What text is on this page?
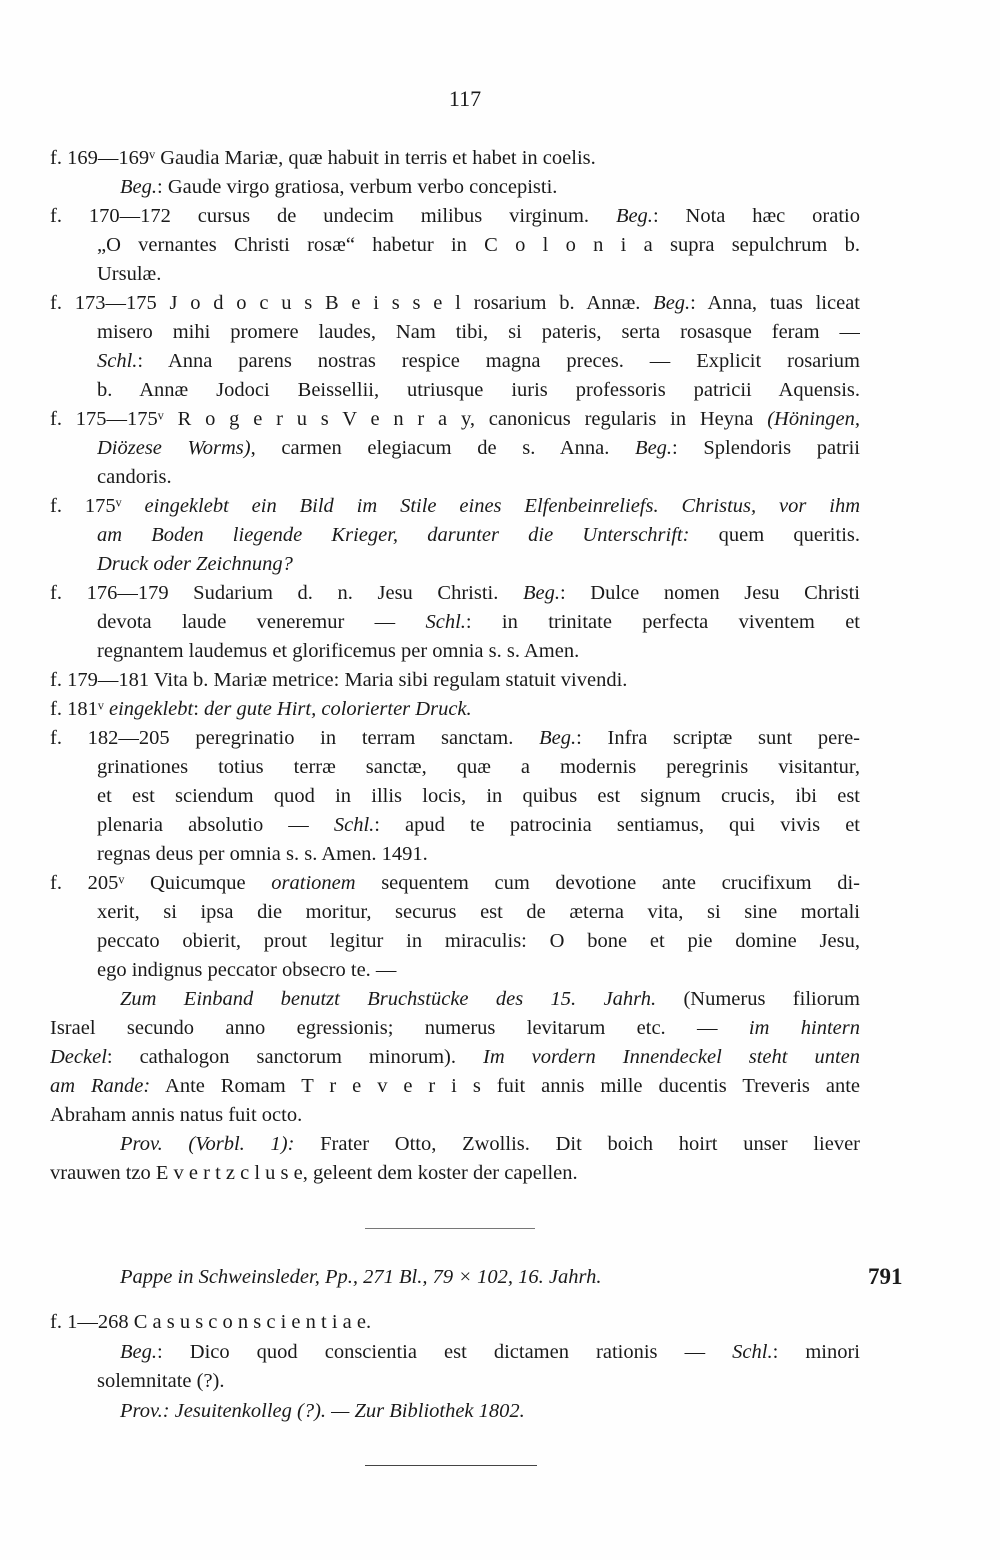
117
f. 169—169ᵛ Gaudia Mariæ, quæ habuit in terris et habet in coelis.
Beg.: Gaude virgo gratiosa, verbum verbo concepisti.
f. 170—172 cursus de undecim milibus virginum. Beg.: Nota hæc oratio
„O vernantes Christi rosæ“ habetur in C o l o n i a supra sepulchrum b.
Ursulæ.
f. 173—175 J o d o c u s B e i s s e l rosarium b. Annæ. Beg.: Anna, tuas liceat
misero mihi promere laudes, Nam tibi, si pateris, serta rosasque feram —
Schl.: Anna parens nostras respice magna preces. — Explicit rosarium
b. Annæ Jodoci Beissellii, utriusque iuris professoris patricii Aquensis.
f. 175—175ᵛ R o g e r u s V e n r a y, canonicus regularis in Heyna (Höningen,
Diözese Worms), carmen elegiacum de s. Anna. Beg.: Splendoris patrii
candoris.
f. 175ᵛ eingeklebt ein Bild im Stile eines Elfenbeinreliefs. Christus, vor ihm
am Boden liegende Krieger, darunter die Unterschrift: quem queritis.
Druck oder Zeichnung?
f. 176—179 Sudarium d. n. Jesu Christi. Beg.: Dulce nomen Jesu Christi
devota laude veneremur — Schl.: in trinitate perfecta viventem et
regnantem laudemus et glorificemus per omnia s. s. Amen.
f. 179—181 Vita b. Mariæ metrice: Maria sibi regulam statuit vivendi.
f. 181ᵛ eingeklebt: der gute Hirt, colorierter Druck.
f. 182—205 peregrinatio in terram sanctam. Beg.: Infra scriptæ sunt pere-
grinationes totius terræ sanctæ, quæ a modernis peregrinis visitantur,
et est sciendum quod in illis locis, in quibus est signum crucis, ibi est
plenaria absolutio — Schl.: apud te patrocinia sentiamus, qui vivis et
regnas deus per omnia s. s. Amen. 1491.
f. 205ᵛ Quicumque orationem sequentem cum devotione ante crucifixum di-
xerit, si ipsa die moritur, securus est de æterna vita, si sine mortali
peccato obierit, prout legitur in miraculis: O bone et pie domine Jesu,
ego indignus peccator obsecro te. —
Zum Einband benutzt Bruchstücke des 15. Jahrh. (Numerus filiorum
Israel secundo anno egressionis; numerus levitarum etc. — im hintern
Deckel: cathalogon sanctorum minorum). Im vordern Innendeckel steht unten
am Rande: Ante Romam T r e v e r i s fuit annis mille ducentis Treveris ante
Abraham annis natus fuit octo.
Prov. (Vorbl. 1): Frater Otto, Zwollis. Dit boich hoirt unser liever
vrauwen tzo E v e r t z c l u s e, geleent dem koster der capellen.
Pappe in Schweinsleder, Pp., 271 Bl., 79 × 102, 16. Jahrh.	791
f. 1—268 C a s u s c o n s c i e n t i a e.
Beg.: Dico quod conscientia est dictamen rationis — Schl.: minori
solemnitate (?).
Prov.: Jesuitenkolleg (?). — Zur Bibliothek 1802.
